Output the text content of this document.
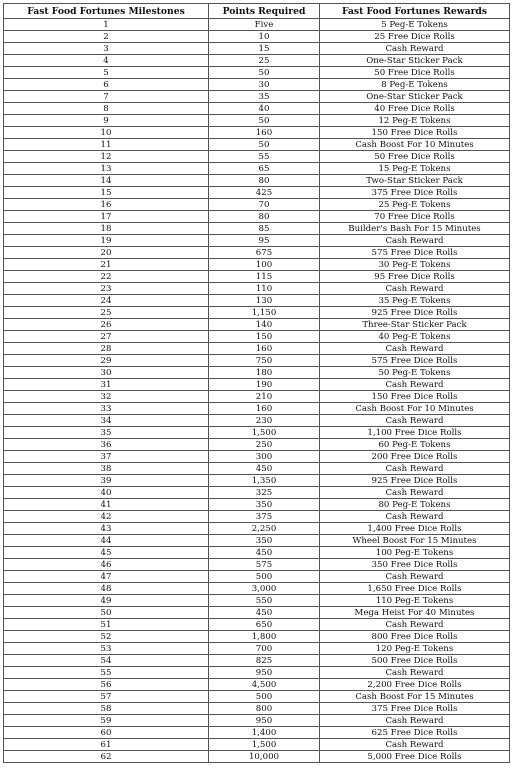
Fast Food Fortunes Milestones	Points Required	Fast Food Fortunes Rewards
1	Five	5 Peg-E Tokens
2	10	25 Free Dice Rolls
3	15	Cash Reward
4	25	One-Star Sticker Pack
5	50	50 Free Dice Rolls
6	30	8 Peg-E Tokens
7	35	One-Star Sticker Pack
8	40	40 Free Dice Rolls
9	50	12 Peg-E Tokens
10	160	150 Free Dice Rolls
11	50	Cash Boost For 10 Minutes
12	55	50 Free Dice Rolls
13	65	15 Peg-E Tokens
14	80	Two-Star Sticker Pack
15	425	375 Free Dice Rolls
16	70	25 Peg-E Tokens
17	80	70 Free Dice Rolls
18	85	Builder's Bash For 15 Minutes
19	95	Cash Reward
20	675	575 Free Dice Rolls
21	100	30 Peg-E Tokens
22	115	95 Free Dice Rolls
23	110	Cash Reward
24	130	35 Peg-E Tokens
25	1,150	925 Free Dice Rolls
26	140	Three-Star Sticker Pack
27	150	40 Peg-E Tokens
28	160	Cash Reward
29	750	575 Free Dice Rolls
30	180	50 Peg-E Tokens
31	190	Cash Reward
32	210	150 Free Dice Rolls
33	160	Cash Boost For 10 Minutes
34	230	Cash Reward
35	1,500	1,100 Free Dice Rolls
36	250	60 Peg-E Tokens
37	300	200 Free Dice Rolls
38	450	Cash Reward
39	1,350	925 Free Dice Rolls
40	325	Cash Reward
41	350	80 Peg-E Tokens
42	375	Cash Reward
43	2,250	1,400 Free Dice Rolls
44	350	Wheel Boost For 15 Minutes
45	450	100 Peg-E Tokens
46	575	350 Free Dice Rolls
47	500	Cash Reward
48	3,000	1,650 Free Dice Rolls
49	550	110 Peg-E Tokens
50	450	Mega Heist For 40 Minutes
51	650	Cash Reward
52	1,800	800 Free Dice Rolls
53	700	120 Peg-E Tokens
54	825	500 Free Dice Rolls
55	950	Cash Reward
56	4,500	2,200 Free Dice Rolls
57	500	Cash Boost For 15 Minutes
58	800	375 Free Dice Rolls
59	950	Cash Reward
60	1,400	625 Free Dice Rolls
61	1,500	Cash Reward
62	10,000	5,000 Free Dice Rolls
